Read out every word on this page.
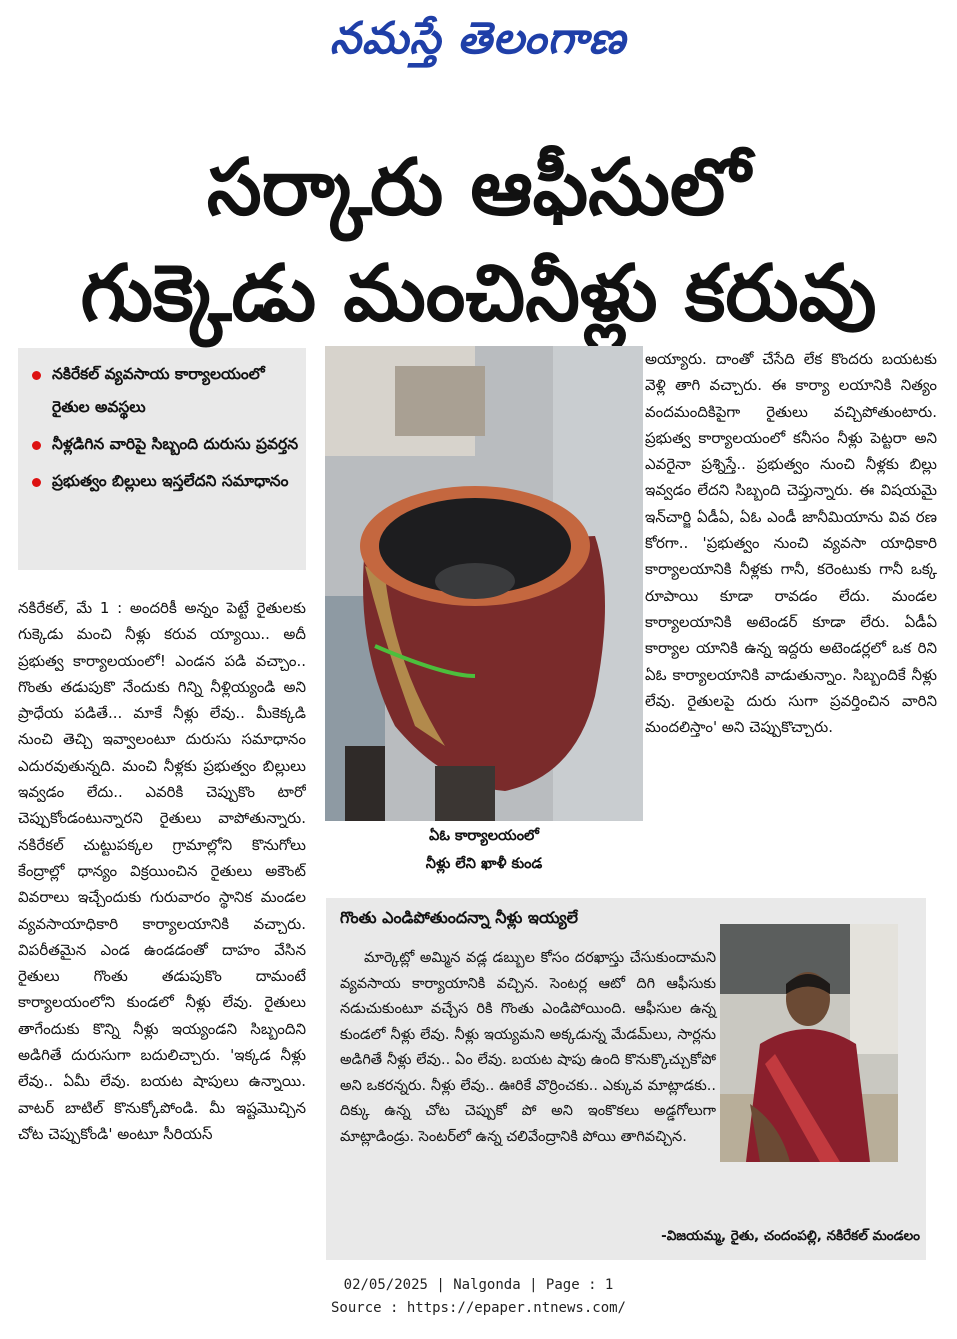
నమస్తే తెలంగాణ
సర్కారు ఆఫీసులో
గుక్కెడు మంచినీళ్లు కరువు
నకిరేకల్ వ్యవసాయ కార్యాలయంలో రైతుల అవస్థలు
నీళ్లడిగిన వారిపై సిబ్బంది దురుసు ప్రవర్తన
ప్రభుత్వం బిల్లులు ఇస్తలేదని సమాధానం

నకిరేకల్, మే 1 : అందరికీ అన్నం పెట్టే రైతులకు గుక్కెడు మంచి నీళ్లు కరువ య్యాయి.. అదీ ప్రభుత్వ కార్యాలయంలో! ఎండన పడి వచ్చాం.. గొంతు తడుపుకొ నేందుకు గిన్ని నీళ్లియ్యండి అని ప్రాధేయ పడితే... మాకే నీళ్లు లేవు.. మీకెక్కడి నుంచి తెచ్చి ఇవ్వాలంటూ దురుసు సమాధానం ఎదురవుతున్నది. మంచి నీళ్లకు ప్రభుత్వం బిల్లులు ఇవ్వడం లేదు.. ఎవరికి చెప్పుకొం టారో చెప్పుకోండంటున్నారని రైతులు వాపోతున్నారు. నకిరేకల్ చుట్టుపక్కల గ్రామాల్లోని కొనుగోలు కేంద్రాల్లో ధాన్యం విక్రయించిన రైతులు అకౌంట్ వివరాలు ఇచ్చేందుకు గురువారం స్థానిక మండల వ్యవసాయాధికారి కార్యాలయానికి వచ్చారు. విపరీతమైన ఎండ ఉండడంతో దాహం వేసిన రైతులు గొంతు తడుపుకొం దామంటే కార్యాలయంలోని కుండలో నీళ్లు లేవు. రైతులు తాగేందుకు కొన్ని నీళ్లు ఇయ్యండని సిబ్బందిని అడిగితే దురుసుగా బదులిచ్చారు. 'ఇక్కడ నీళ్లు లేవు.. ఏమీ లేవు. బయట షాపులు ఉన్నాయి. వాటర్ బాటిల్ కొనుక్కోపోండి. మీ ఇష్టమొచ్చిన చోట చెప్పుకోండి' అంటూ సీరియస్

ఏఓ కార్యాలయంలో
నీళ్లు లేని ఖాళీ కుండ

అయ్యారు. దాంతో చేసేది లేక కొందరు బయటకు వెళ్లి తాగి వచ్చారు. ఈ కార్యా లయానికి నిత్యం వందమందికిపైగా రైతులు వచ్చిపోతుంటారు. ప్రభుత్వ కార్యాలయంలో కనీసం నీళ్లు పెట్టరా అని ఎవరైనా ప్రశ్నిస్తే.. ప్రభుత్వం నుంచి నీళ్లకు బిల్లు ఇవ్వడం లేదని సిబ్బంది చెప్తున్నారు. ఈ విషయమై ఇన్‌చార్జి ఏడీఏ, ఏఓ ఎండీ జానీమియాను వివ రణ కోరగా.. 'ప్రభుత్వం నుంచి వ్యవసా యాధికారి కార్యాలయానికి నీళ్లకు గానీ, కరెంటుకు గానీ ఒక్క రూపాయి కూడా రావడం లేదు. మండల కార్యాలయానికి అటెండర్ కూడా లేరు. ఏడీఏ కార్యాల యానికి ఉన్న ఇద్దరు అటెండర్లలో ఒక రిని ఏఓ కార్యాలయానికి వాడుతున్నాం. సిబ్బందికే నీళ్లు లేవు. రైతులపై దురు సుగా ప్రవర్తించిన వారిని మందలిస్తాం' అని చెప్పుకొచ్చారు.

గొంతు ఎండిపోతుందన్నా నీళ్లు ఇయ్యలే

మార్కెట్లో అమ్మిన వడ్ల డబ్బుల కోసం దరఖాస్తు చేసుకుందామని వ్యవసాయ కార్యాయానికి వచ్చిన. సెంటర్ల ఆటో దిగి ఆఫీసుకు నడుచుకుంటూ వచ్చేస రికి గొంతు ఎండిపోయింది. ఆఫీసుల ఉన్న కుండలో నీళ్లు లేవు. నీళ్లు ఇయ్యమని అక్కడున్న మేడమ్‌లు, సార్లను అడిగితే నీళ్లు లేవు.. ఏం లేవు. బయట షాపు ఉంది కొనుక్కొచ్చుకోపో అని ఒకరన్నరు. నీళ్లు లేవు.. ఊరికే వొర్రించకు.. ఎక్కువ మాట్లాడకు.. దిక్కు ఉన్న చోట చెప్పుకో పో అని ఇంకొకలు అడ్డగోలుగా మాట్లాడిండ్రు. సెంటర్‌లో ఉన్న చలివేంద్రానికి పోయి తాగివచ్చిన.

-విజయమ్మ, రైతు, చందంపల్లి, నకిరేకల్ మండలం
02/05/2025 | Nalgonda | Page : 1
Source : https://epaper.ntnews.com/
